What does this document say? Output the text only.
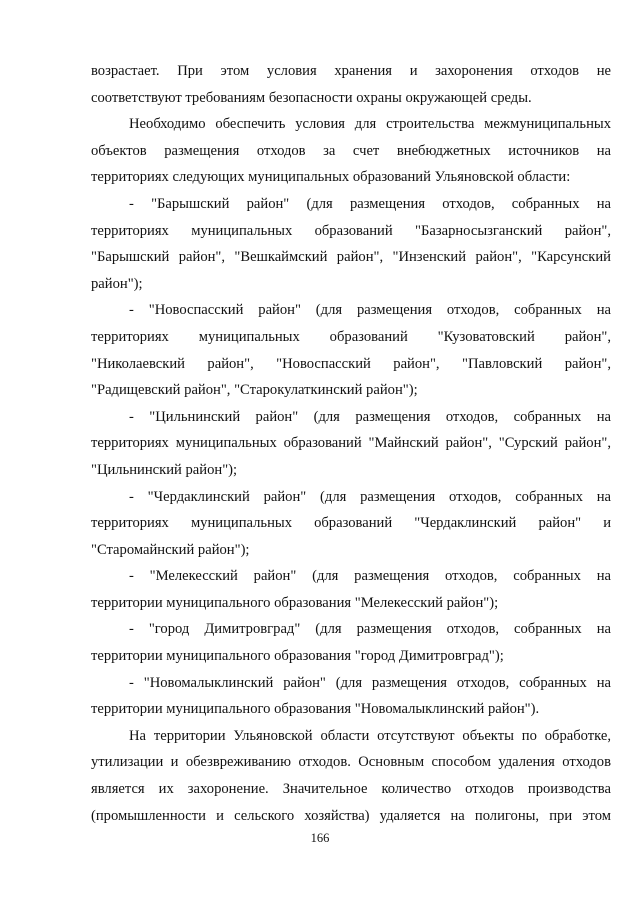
возрастает. При этом условия хранения и захоронения отходов не
соответствуют требованиям безопасности охраны окружающей среды.
Необходимо обеспечить условия для строительства межмуниципальных
объектов размещения отходов за счет внебюджетных источников на
территориях следующих муниципальных образований Ульяновской области:
- "Барышский район" (для размещения отходов, собранных на
территориях муниципальных образований "Базарносызганский район",
"Барышский район", "Вешкаймский район", "Инзенский район", "Карсунский
район");
- "Новоспасский район" (для размещения отходов, собранных на
территориях муниципальных образований "Кузоватовский район",
"Николаевский район", "Новоспасский район", "Павловский район",
"Радищевский район", "Старокулаткинский район");
- "Цильнинский район" (для размещения отходов, собранных на
территориях муниципальных образований "Майнский район", "Сурский район",
"Цильнинский район");
- "Чердаклинский район" (для размещения отходов, собранных на
территориях муниципальных образований "Чердаклинский район" и
"Старомайнский район");
- "Мелекесский район" (для размещения отходов, собранных на
территории муниципального образования "Мелекесский район");
- "город Димитровград" (для размещения отходов, собранных на
территории муниципального образования "город Димитровград");
- "Новомалыклинский район" (для размещения отходов, собранных на
территории муниципального образования "Новомалыклинский район").
На территории Ульяновской области отсутствуют объекты по обработке,
утилизации и обезвреживанию отходов. Основным способом удаления отходов
является их захоронение. Значительное количество отходов производства
(промышленности и сельского хозяйства) удаляется на полигоны, при этом
166
